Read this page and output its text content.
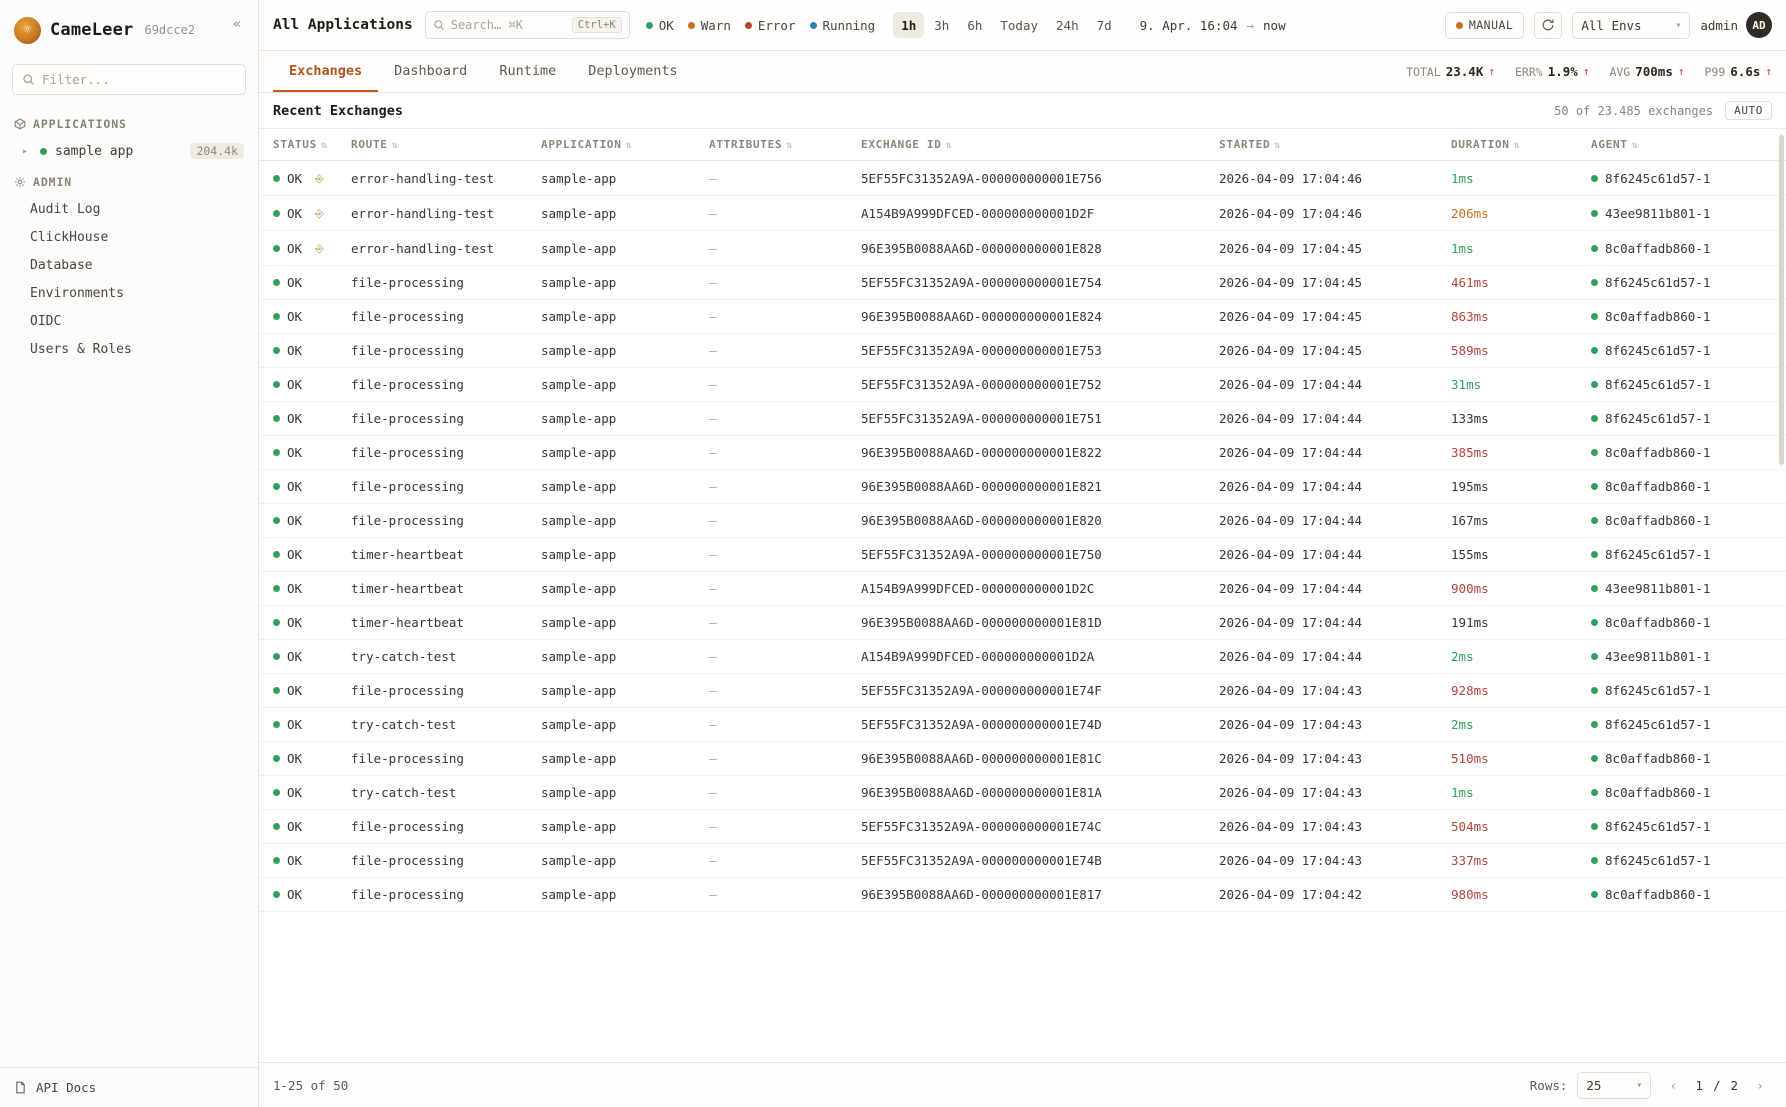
☼	CameLeer 69dcce2	«
Filter...
APPLICATIONS
▸	sample app	204.4k
ADMIN
Audit Log
ClickHouse
Database
Environments
OIDC
Users & Roles
API Docs
All Applications	Search… ⌘K	Ctrl+K	OK Warn Error Running	1h	3h	6h	Today	24h	7d	9. Apr. 16:04 → now	MANUAL	All Envs	▾ admin	AD
Exchanges	Dashboard	Runtime	Deployments	TOTAL 23.4K ↑ ERR% 1.9% ↑ AVG 700ms ↑ P99 6.6s ↑
Recent Exchanges	50 of 23.485 exchanges	AUTO
STATUS ⇅		ROUTE ⇅	APPLICATION ⇅	ATTRIBUTES ⇅	EXCHANGE ID ⇅	STARTED ⇅	DURATION ⇅	AGENT ⇅

OK	⎆	error-handling-test	sample-app	—	5EF55FC31352A9A-000000000001E756	2026-04-09 17:04:46	1ms	8f6245c61d57-1

OK	⎆	error-handling-test	sample-app	—	A154B9A999DFCED-000000000001D2F	2026-04-09 17:04:46	206ms	43ee9811b801-1

OK	⎆	error-handling-test	sample-app	—	96E395B0088AA6D-000000000001E828	2026-04-09 17:04:45	1ms	8c0affadb860-1

OK		file-processing	sample-app	—	5EF55FC31352A9A-000000000001E754	2026-04-09 17:04:45	461ms	8f6245c61d57-1

OK		file-processing	sample-app	—	96E395B0088AA6D-000000000001E824	2026-04-09 17:04:45	863ms	8c0affadb860-1

OK		file-processing	sample-app	—	5EF55FC31352A9A-000000000001E753	2026-04-09 17:04:45	589ms	8f6245c61d57-1

OK		file-processing	sample-app	—	5EF55FC31352A9A-000000000001E752	2026-04-09 17:04:44	31ms	8f6245c61d57-1

OK		file-processing	sample-app	—	5EF55FC31352A9A-000000000001E751	2026-04-09 17:04:44	133ms	8f6245c61d57-1

OK		file-processing	sample-app	—	96E395B0088AA6D-000000000001E822	2026-04-09 17:04:44	385ms	8c0affadb860-1

OK		file-processing	sample-app	—	96E395B0088AA6D-000000000001E821	2026-04-09 17:04:44	195ms	8c0affadb860-1

OK		file-processing	sample-app	—	96E395B0088AA6D-000000000001E820	2026-04-09 17:04:44	167ms	8c0affadb860-1

OK		timer-heartbeat	sample-app	—	5EF55FC31352A9A-000000000001E750	2026-04-09 17:04:44	155ms	8f6245c61d57-1

OK		timer-heartbeat	sample-app	—	A154B9A999DFCED-000000000001D2C	2026-04-09 17:04:44	900ms	43ee9811b801-1

OK		timer-heartbeat	sample-app	—	96E395B0088AA6D-000000000001E81D	2026-04-09 17:04:44	191ms	8c0affadb860-1

OK		try-catch-test	sample-app	—	A154B9A999DFCED-000000000001D2A	2026-04-09 17:04:44	2ms	43ee9811b801-1

OK		file-processing	sample-app	—	5EF55FC31352A9A-000000000001E74F	2026-04-09 17:04:43	928ms	8f6245c61d57-1

OK		try-catch-test	sample-app	—	5EF55FC31352A9A-000000000001E74D	2026-04-09 17:04:43	2ms	8f6245c61d57-1

OK		file-processing	sample-app	—	96E395B0088AA6D-000000000001E81C	2026-04-09 17:04:43	510ms	8c0affadb860-1

OK		try-catch-test	sample-app	—	96E395B0088AA6D-000000000001E81A	2026-04-09 17:04:43	1ms	8c0affadb860-1

OK		file-processing	sample-app	—	5EF55FC31352A9A-000000000001E74C	2026-04-09 17:04:43	504ms	8f6245c61d57-1

OK		file-processing	sample-app	—	5EF55FC31352A9A-000000000001E74B	2026-04-09 17:04:43	337ms	8f6245c61d57-1

OK		file-processing	sample-app	—	96E395B0088AA6D-000000000001E817	2026-04-09 17:04:42	980ms	8c0affadb860-1
1-25 of 50	Rows: 25	▾	‹	1 / 2	›
